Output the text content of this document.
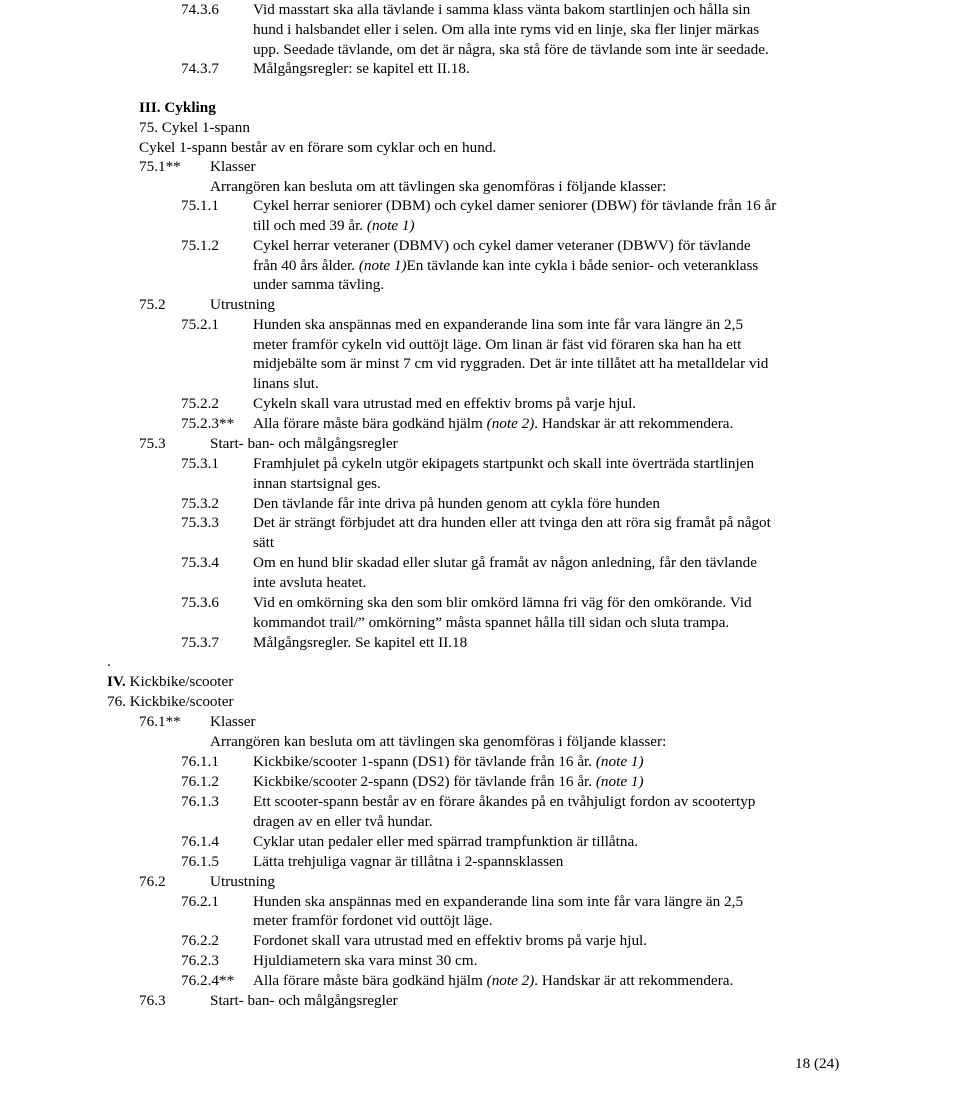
74.3.6 Vid masstart ska alla tävlande i samma klass vänta bakom startlinjen och hålla sin
hund i halsbandet eller i selen. Om alla inte ryms vid en linje, ska fler linjer märkas
upp. Seedade tävlande, om det är några, ska stå före de tävlande som inte är seedade.
74.3.7 Målgångsregler: se kapitel ett II.18.
III. Cykling
75. Cykel 1-spann
Cykel 1-spann består av en förare som cyklar och en hund.
75.1** Klasser
Arrangören kan besluta om att tävlingen ska genomföras i följande klasser:
75.1.1 Cykel herrar seniorer (DBM) och cykel damer seniorer (DBW) för tävlande från 16 år
till och med 39 år. (note 1)
75.1.2 Cykel herrar veteraner (DBMV) och cykel damer veteraner (DBWV) för tävlande
från 40 års ålder. (note 1)En tävlande kan inte cykla i både senior- och veteranklass
under samma tävling.
75.2	Utrustning
75.2.1 Hunden ska anspännas med en expanderande lina som inte får vara längre än 2,5
meter framför cykeln vid outtöjt läge. Om linan är fäst vid föraren ska han ha ett
midjebälte som är minst 7 cm vid ryggraden. Det är inte tillåtet att ha metalldelar vid
linans slut.
75.2.2 Cykeln skall vara utrustad med en effektiv broms på varje hjul.
75.2.3** Alla förare måste bära godkänd hjälm (note 2). Handskar är att rekommendera.
75.3	Start- ban- och målgångsregler
75.3.1 Framhjulet på cykeln utgör ekipagets startpunkt och skall inte överträda startlinjen
innan startsignal ges.
75.3.2 Den tävlande får inte driva på hunden genom att cykla före hunden
75.3.3 Det är strängt förbjudet att dra hunden eller att tvinga den att röra sig framåt på något
sätt
75.3.4 Om en hund blir skadad eller slutar gå framåt av någon anledning, får den tävlande
inte avsluta heatet.
75.3.6 Vid en omkörning ska den som blir omkörd lämna fri väg för den omkörande. Vid
kommandot trail/” omkörning” måsta spannet hålla till sidan och sluta trampa.
75.3.7 Målgångsregler. Se kapitel ett II.18
.
IV. Kickbike/scooter
76. Kickbike/scooter
76.1** Klasser
Arrangören kan besluta om att tävlingen ska genomföras i följande klasser:
76.1.1 Kickbike/scooter 1-spann (DS1) för tävlande från 16 år. (note 1)
76.1.2 Kickbike/scooter 2-spann (DS2) för tävlande från 16 år. (note 1)
76.1.3 Ett scooter-spann består av en förare åkandes på en tvåhjuligt fordon av scootertyp
dragen av en eller två hundar.
76.1.4 Cyklar utan pedaler eller med spärrad trampfunktion är tillåtna.
76.1.5 Lätta trehjuliga vagnar är tillåtna i 2-spannsklassen
76.2	Utrustning
76.2.1 Hunden ska anspännas med en expanderande lina som inte får vara längre än 2,5
meter framför fordonet vid outtöjt läge.
76.2.2 Fordonet skall vara utrustad med en effektiv broms på varje hjul.
76.2.3 Hjuldiametern ska vara minst 30 cm.
76.2.4** Alla förare måste bära godkänd hjälm (note 2). Handskar är att rekommendera.
76.3	Start- ban- och målgångsregler
18 (24)
